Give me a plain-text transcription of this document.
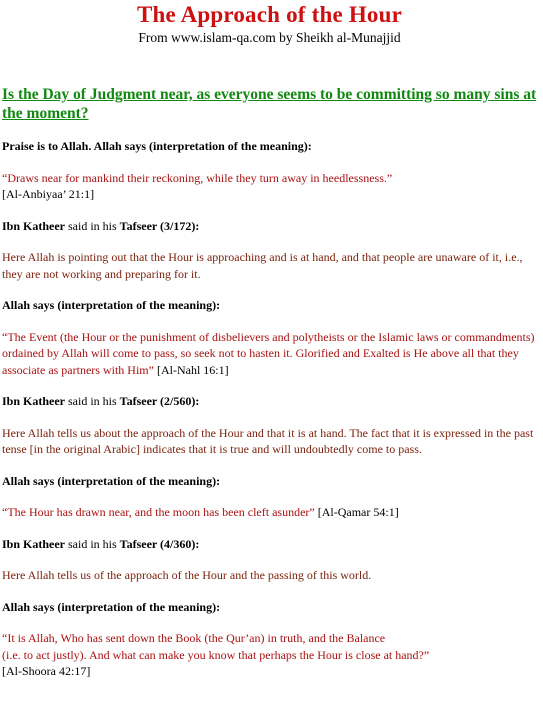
The Approach of the Hour
From www.islam-qa.com by Sheikh al-Munajjid
Is the Day of Judgment near, as everyone seems to be committing so many sins at the moment?

Praise is to Allah. Allah says (interpretation of the meaning):

“Draws near for mankind their reckoning, while they turn away in heedlessness.”
[Al-Anbiyaa’ 21:1]

Ibn Katheer said in his Tafseer (3/172):

Here Allah is pointing out that the Hour is approaching and is at hand, and that people are unaware of it, i.e., they are not working and preparing for it.

Allah says (interpretation of the meaning):

“The Event (the Hour or the punishment of disbelievers and polytheists or the Islamic laws or commandments) ordained by Allah will come to pass, so seek not to hasten it. Glorified and Exalted is He above all that they associate as partners with Him” [Al-Nahl 16:1]

Ibn Katheer said in his Tafseer (2/560):

Here Allah tells us about the approach of the Hour and that it is at hand. The fact that it is expressed in the past tense [in the original Arabic] indicates that it is true and will undoubtedly come to pass.

Allah says (interpretation of the meaning):

“The Hour has drawn near, and the moon has been cleft asunder” [Al-Qamar 54:1]

Ibn Katheer said in his Tafseer (4/360):

Here Allah tells us of the approach of the Hour and the passing of this world.

Allah says (interpretation of the meaning):

“It is Allah, Who has sent down the Book (the Qur’an) in truth, and the Balance
(i.e. to act justly). And what can make you know that perhaps the Hour is close at hand?”
[Al-Shoora 42:17]
